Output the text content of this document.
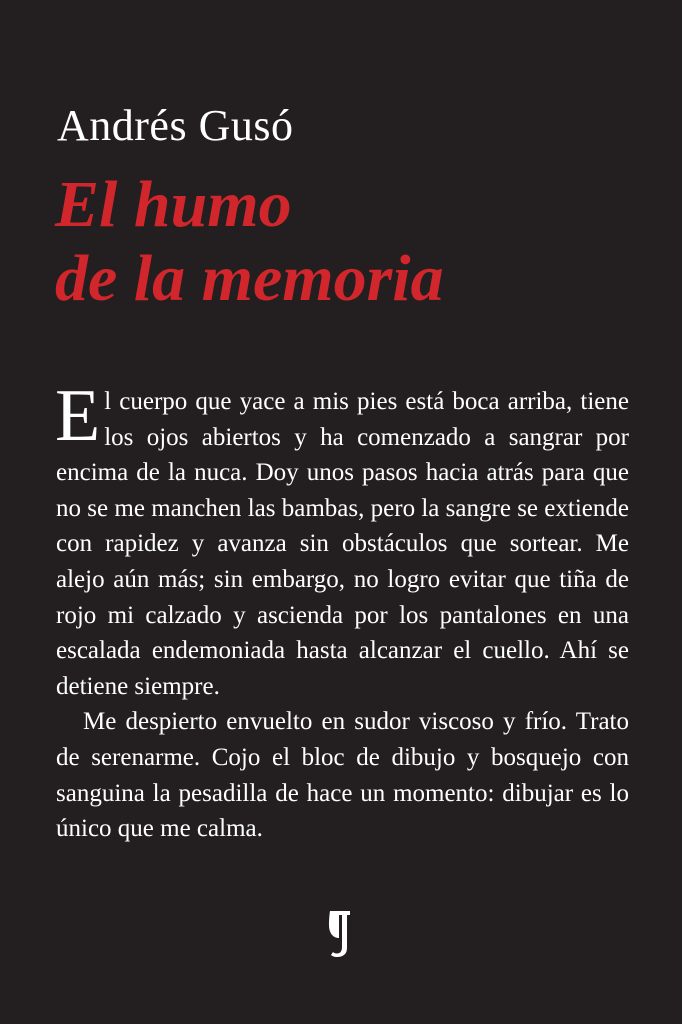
Andrés Gusó
El humo
de la memoria

El cuerpo que yace a mis pies está boca arriba, tiene los ojos abiertos y ha comenzado a sangrar por encima de la nuca. Doy unos pasos hacia atrás para que no se me manchen las bambas, pero la sangre se extiende con rapidez y avanza sin obstáculos que sortear. Me alejo aún más; sin embargo, no logro evitar que tiña de rojo mi calzado y ascienda por los pantalones en una escalada endemoniada hasta alcanzar el cuello. Ahí se detiene siempre.

Me despierto envuelto en sudor viscoso y frío. Trato de serenarme. Cojo el bloc de dibujo y bosquejo con sanguina la pesadilla de hace un momento: dibujar es lo único que me calma.
